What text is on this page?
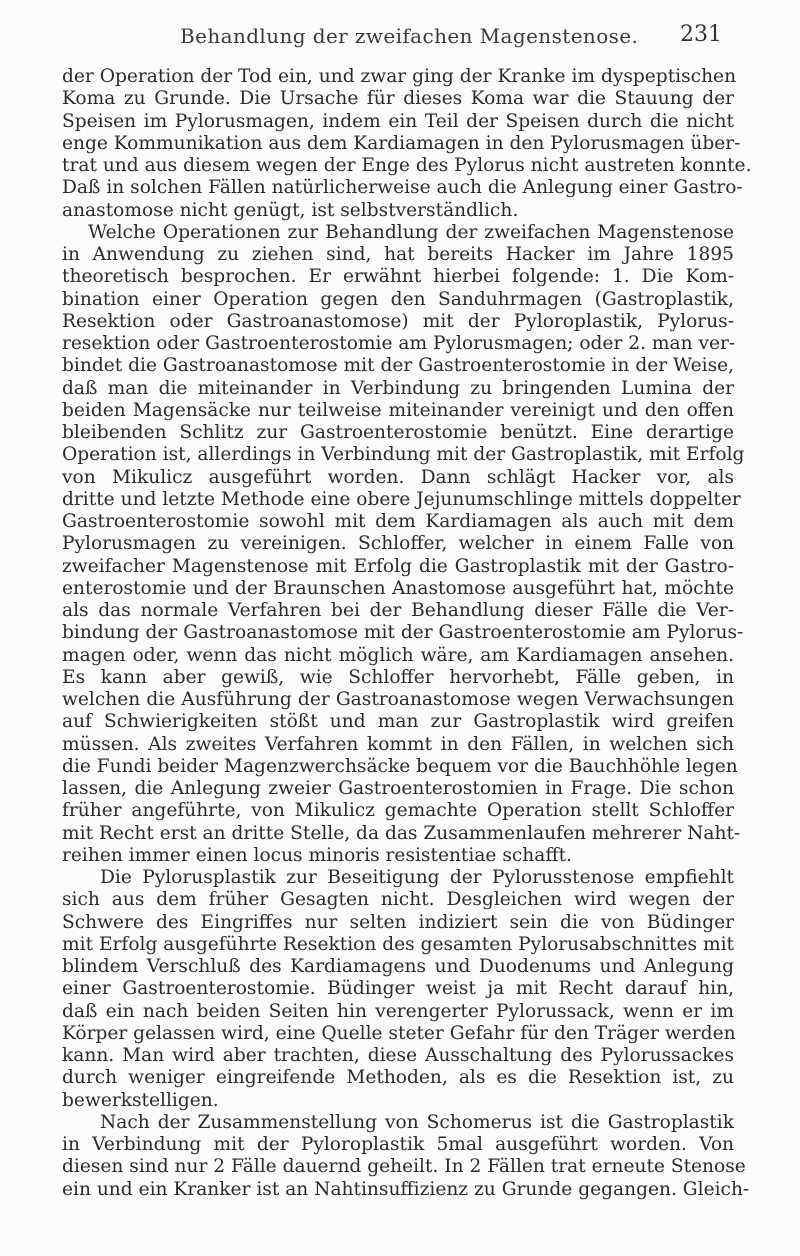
Behandlung der zweifachen Magenstenose. 231
der Operation der Tod ein, und zwar ging der Kranke im dyspeptischen
Koma zu Grunde. Die Ursache für dieses Koma war die Stauung der
Speisen im Pylorusmagen, indem ein Teil der Speisen durch die nicht
enge Kommunikation aus dem Kardiamagen in den Pylorusmagen über-
trat und aus diesem wegen der Enge des Pylorus nicht austreten konnte.
Daß in solchen Fällen natürlicherweise auch die Anlegung einer Gastro-
anastomose nicht genügt, ist selbstverständlich.
Welche Operationen zur Behandlung der zweifachen Magenstenose
in Anwendung zu ziehen sind, hat bereits Hacker im Jahre 1895
theoretisch besprochen. Er erwähnt hierbei folgende: 1. Die Kom-
bination einer Operation gegen den Sanduhrmagen (Gastroplastik,
Resektion oder Gastroanastomose) mit der Pyloroplastik, Pylorus-
resektion oder Gastroenterostomie am Pylorusmagen; oder 2. man ver-
bindet die Gastroanastomose mit der Gastroenterostomie in der Weise,
daß man die miteinander in Verbindung zu bringenden Lumina der
beiden Magensäcke nur teilweise miteinander vereinigt und den offen
bleibenden Schlitz zur Gastroenterostomie benützt. Eine derartige
Operation ist, allerdings in Verbindung mit der Gastroplastik, mit Erfolg
von Mikulicz ausgeführt worden. Dann schlägt Hacker vor, als
dritte und letzte Methode eine obere Jejunumschlinge mittels doppelter
Gastroenterostomie sowohl mit dem Kardiamagen als auch mit dem
Pylorusmagen zu vereinigen. Schloffer, welcher in einem Falle von
zweifacher Magenstenose mit Erfolg die Gastroplastik mit der Gastro-
enterostomie und der Braunschen Anastomose ausgeführt hat, möchte
als das normale Verfahren bei der Behandlung dieser Fälle die Ver-
bindung der Gastroanastomose mit der Gastroenterostomie am Pylorus-
magen oder, wenn das nicht möglich wäre, am Kardiamagen ansehen.
Es kann aber gewiß, wie Schloffer hervorhebt, Fälle geben, in
welchen die Ausführung der Gastroanastomose wegen Verwachsungen
auf Schwierigkeiten stößt und man zur Gastroplastik wird greifen
müssen. Als zweites Verfahren kommt in den Fällen, in welchen sich
die Fundi beider Magenzwerchsäcke bequem vor die Bauchhöhle legen
lassen, die Anlegung zweier Gastroenterostomien in Frage. Die schon
früher angeführte, von Mikulicz gemachte Operation stellt Schloffer
mit Recht erst an dritte Stelle, da das Zusammenlaufen mehrerer Naht-
reihen immer einen locus minoris resistentiae schafft.
Die Pylorusplastik zur Beseitigung der Pylorusstenose empfiehlt
sich aus dem früher Gesagten nicht. Desgleichen wird wegen der
Schwere des Eingriffes nur selten indiziert sein die von Büdinger
mit Erfolg ausgeführte Resektion des gesamten Pylorusabschnittes mit
blindem Verschluß des Kardiamagens und Duodenums und Anlegung
einer Gastroenterostomie. Büdinger weist ja mit Recht darauf hin,
daß ein nach beiden Seiten hin verengerter Pylorussack, wenn er im
Körper gelassen wird, eine Quelle steter Gefahr für den Träger werden
kann. Man wird aber trachten, diese Ausschaltung des Pylorussackes
durch weniger eingreifende Methoden, als es die Resektion ist, zu
bewerkstelligen.
Nach der Zusammenstellung von Schomerus ist die Gastroplastik
in Verbindung mit der Pyloroplastik 5mal ausgeführt worden. Von
diesen sind nur 2 Fälle dauernd geheilt. In 2 Fällen trat erneute Stenose
ein und ein Kranker ist an Nahtinsuffizienz zu Grunde gegangen. Gleich-
